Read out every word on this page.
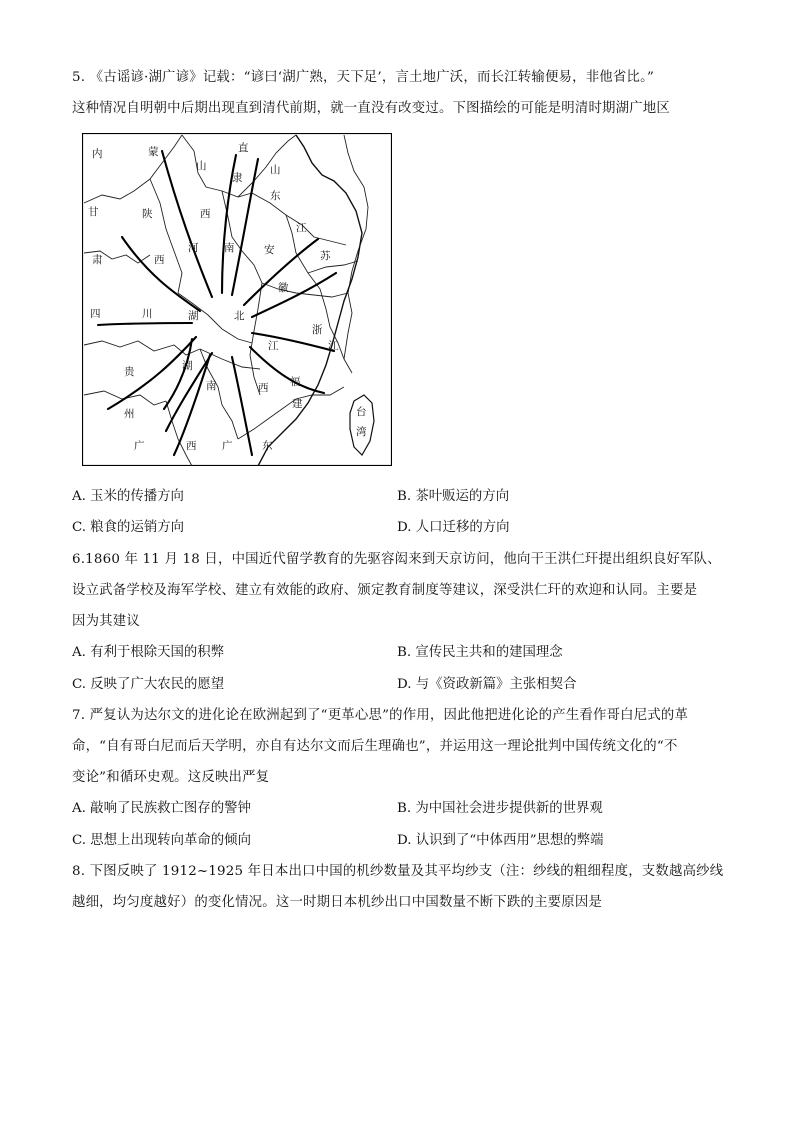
5. 《古谣谚·湖广谚》记载：“谚曰‘湖广熟，天下足’，言土地广沃，而长江转输便易，非他省比。”
这种情况自明朝中后期出现直到清代前期，就一直没有改变过。下图描绘的可能是明清时期湖广地区
内	蒙
山
直
隶
山
东
西
甘	陕
肃	西
河 南
江
安	苏
徽
四	川	湖	北
浙
江
江
湖
贵
南	西 福
州
建
台
湾
广	西 广	东
A. 玉米的传播方向	B. 茶叶贩运的方向
C. 粮食的运销方向	D. 人口迁移的方向
6.1860 年 11 月 18 日，中国近代留学教育的先驱容闳来到天京访问，他向干王洪仁玕提出组织良好军队、
设立武备学校及海军学校、建立有效能的政府、颁定教育制度等建议，深受洪仁玕的欢迎和认同。主要是
因为其建议
A. 有利于根除天国的积弊	B. 宣传民主共和的建国理念
C. 反映了广大农民的愿望	D. 与《资政新篇》主张相契合
7. 严复认为达尔文的进化论在欧洲起到了“更革心思”的作用，因此他把进化论的产生看作哥白尼式的革
命，“自有哥白尼而后天学明，亦自有达尔文而后生理确也”，并运用这一理论批判中国传统文化的“不
变论”和循环史观。这反映出严复
A. 敲响了民族救亡图存的警钟	B. 为中国社会进步提供新的世界观
C. 思想上出现转向革命的倾向	D. 认识到了“中体西用”思想的弊端
8. 下图反映了 1912~1925 年日本出口中国的机纱数量及其平均纱支（注：纱线的粗细程度，支数越高纱线
越细，均匀度越好）的变化情况。这一时期日本机纱出口中国数量不断下跌的主要原因是
